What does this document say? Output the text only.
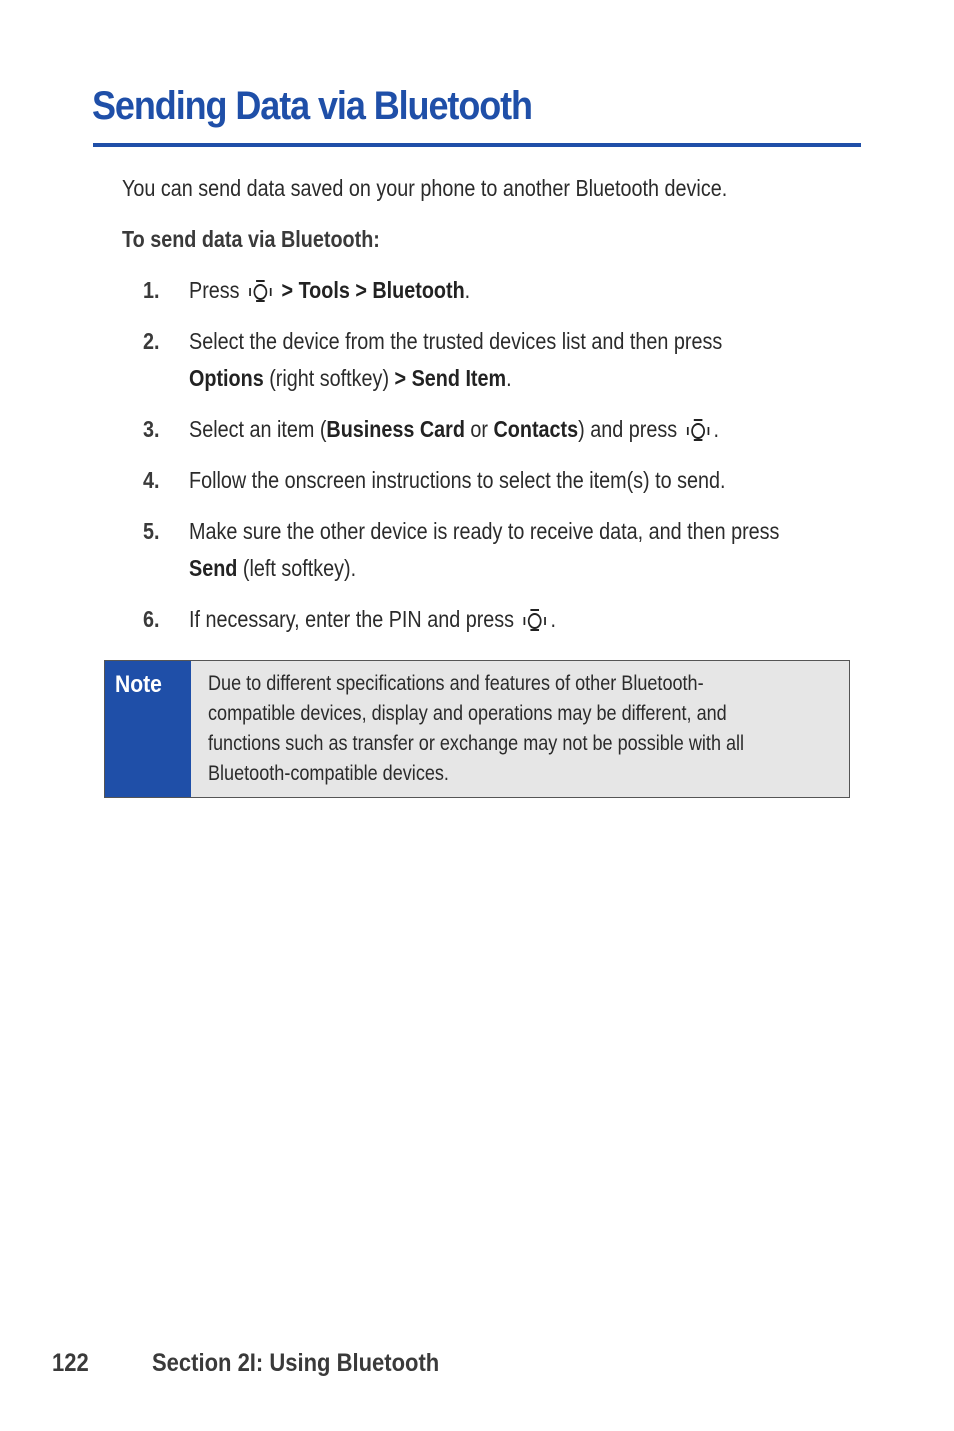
Sending Data via Bluetooth

You can send data saved on your phone to another Bluetooth device.

To send data via Bluetooth:

1. Press > Tools > Bluetooth.
2. Select the device from the trusted devices list and then press
Options (right softkey) > Send Item.
3. Select an item (Business Card or Contacts) and press .
4. Follow the onscreen instructions to select the item(s) to send.
5. Make sure the other device is ready to receive data, and then press
Send (left softkey).
6. If necessary, enter the PIN and press .
Note Due to different specifications and features of other Bluetooth-
compatible devices, display and operations may be different, and
functions such as transfer or exchange may not be possible with all
Bluetooth-compatible devices.
122	Section 2I: Using Bluetooth
